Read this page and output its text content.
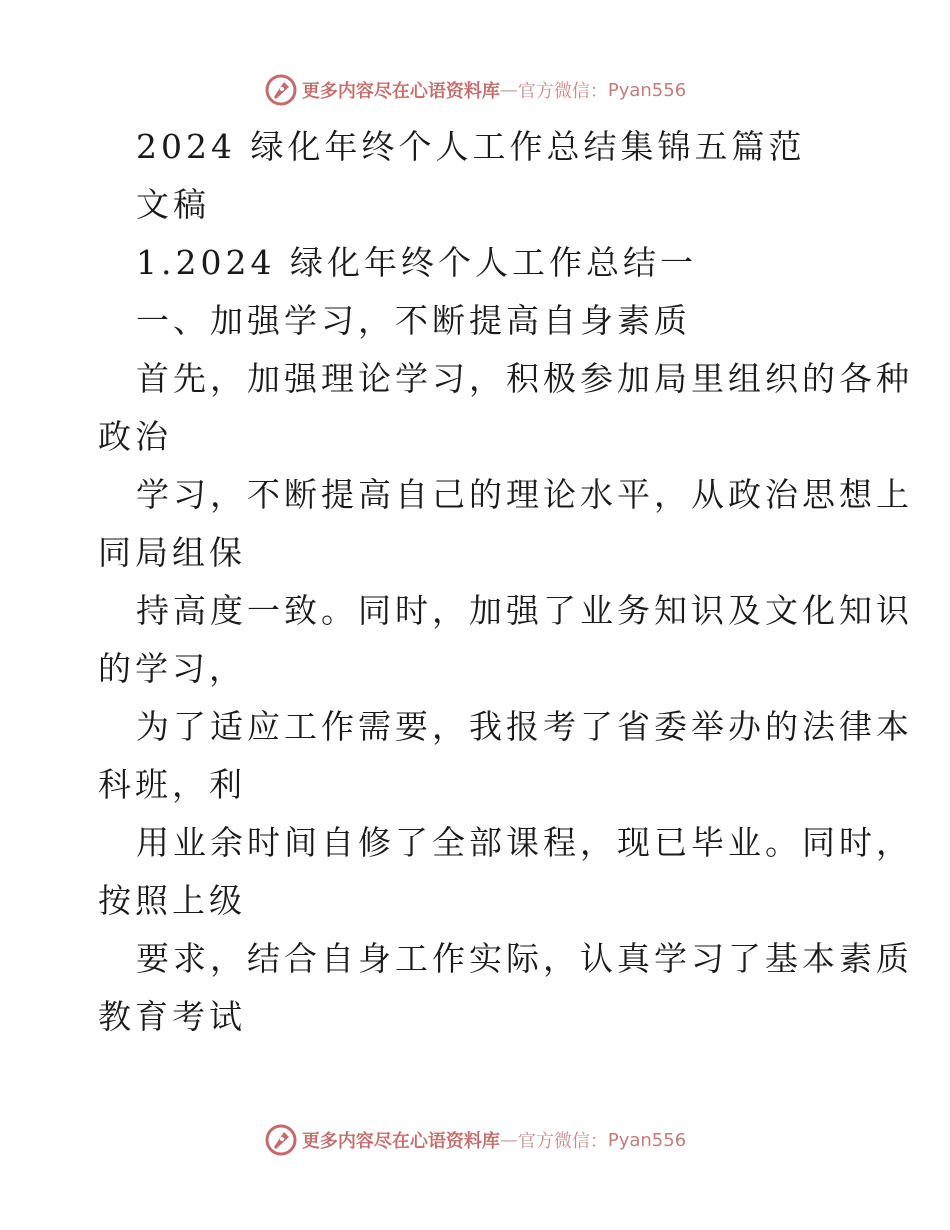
更多内容尽在心语资料库 — 官方微信： Pyan556
2024 绿化年终个人工作总结集锦五篇范
文稿
1.2024 绿化年终个人工作总结一
一、加强学习，不断提高自身素质
首先，加强理论学习，积极参加局里组织的各种
政治
学习，不断提高自己的理论水平，从政治思想上
同局组保
持高度一致。同时，加强了业务知识及文化知识
的学习，
为了适应工作需要，我报考了省委举办的法律本
科班，利
用业余时间自修了全部课程，现已毕业。同时，
按照上级
要求，结合自身工作实际，认真学习了基本素质
教育考试
更多内容尽在心语资料库 — 官方微信： Pyan556
